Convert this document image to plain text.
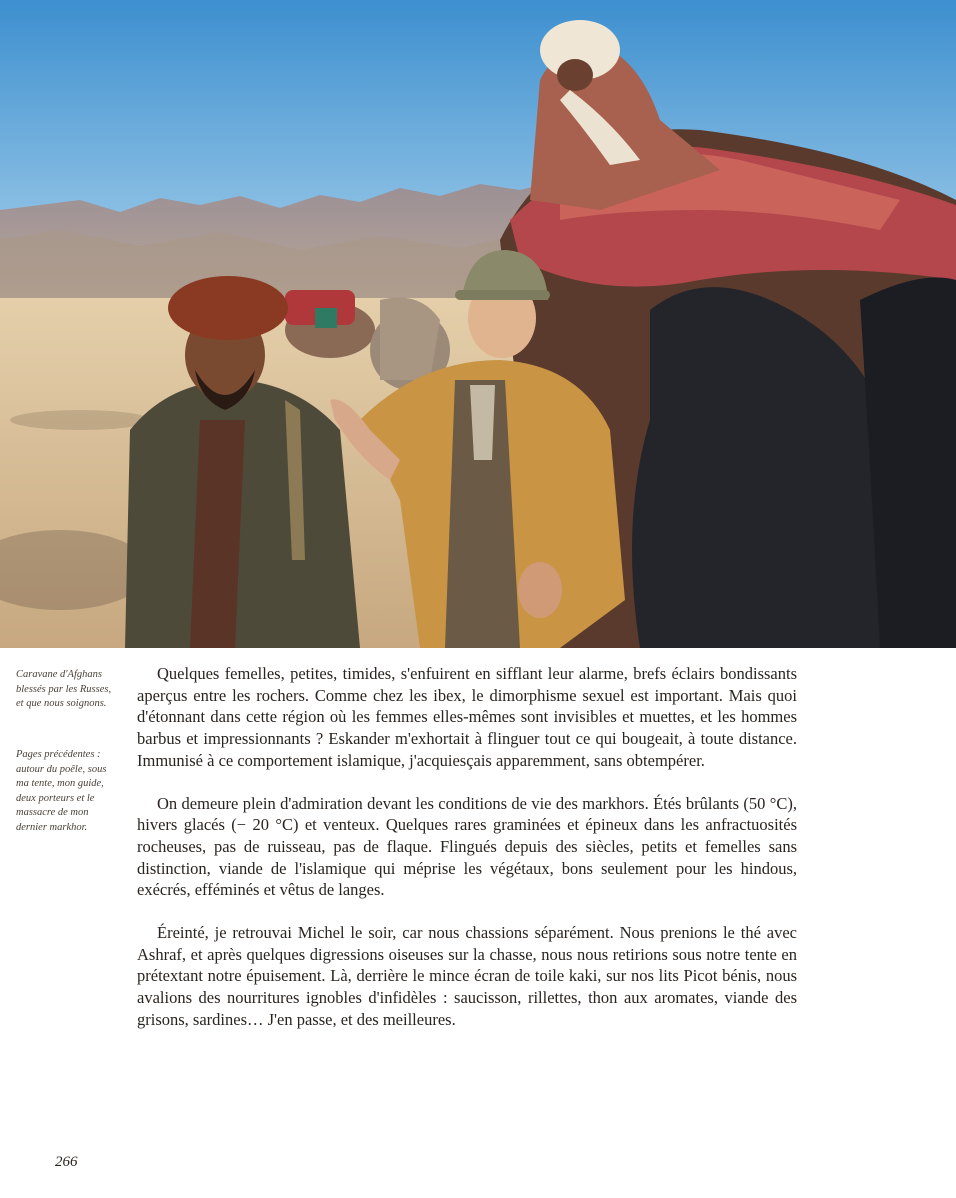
Caravane d'Afghans blessés par les Russes, et que nous soignons.
Pages précédentes : autour du poêle, sous ma tente, mon guide, deux porteurs et le massacre de mon dernier markhor.

Quelques femelles, petites, timides, s'enfuirent en sifflant leur alarme, brefs éclairs bondissants aperçus entre les rochers. Comme chez les ibex, le dimorphisme sexuel est important. Mais quoi d'étonnant dans cette région où les femmes elles-mêmes sont invisibles et muettes, et les hommes barbus et impressionnants ? Eskander m'exhortait à flinguer tout ce qui bougeait, à toute distance. Immunisé à ce comportement islamique, j'acquiesçais apparemment, sans obtempérer.

On demeure plein d'admiration devant les conditions de vie des markhors. Étés brûlants (50 °C), hivers glacés (− 20 °C) et venteux. Quelques rares graminées et épineux dans les anfractuosités rocheuses, pas de ruisseau, pas de flaque. Flingués depuis des siècles, petits et femelles sans distinction, viande de l'islamique qui méprise les végétaux, bons seulement pour les hindous, exécrés, efféminés et vêtus de langes.

Éreinté, je retrouvai Michel le soir, car nous chassions séparément. Nous prenions le thé avec Ashraf, et après quelques digressions oiseuses sur la chasse, nous nous retirions sous notre tente en prétextant notre épuisement. Là, derrière le mince écran de toile kaki, sur nos lits Picot bénis, nous avalions des nourritures ignobles d'infidèles : saucisson, rillettes, thon aux aromates, viande des grisons, sardines… J'en passe, et des meilleures.

266
